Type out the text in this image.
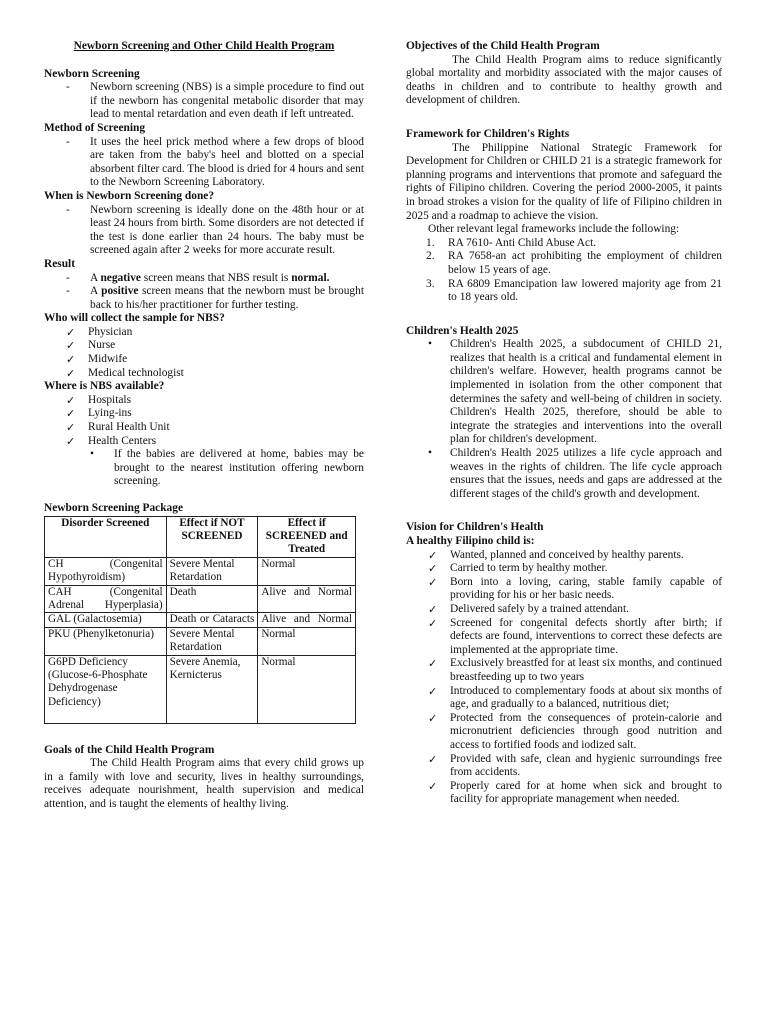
Newborn Screening and Other Child Health Program

Newborn Screening

- Newborn screening (NBS) is a simple procedure to find out if the newborn has congenital metabolic disorder that may lead to mental retardation and even death if left untreated.

Method of Screening

- It uses the heel prick method where a few drops of blood are taken from the baby's heel and blotted on a special absorbent filter card. The blood is dried for 4 hours and sent to the Newborn Screening Laboratory.

When is Newborn Screening done?

- Newborn screening is ideally done on the 48th hour or at least 24 hours from birth. Some disorders are not detected if the test is done earlier than 24 hours. The baby must be screened again after 2 weeks for more accurate result.

Result

- A negative screen means that NBS result is normal.
- A positive screen means that the newborn must be brought back to his/her practitioner for further testing.

Who will collect the sample for NBS?

✓ Physician
✓ Nurse
✓ Midwife
✓ Medical technologist

Where is NBS available?

✓ Hospitals
✓ Lying-ins
✓ Rural Health Unit
✓ Health Centers
• If the babies are delivered at home, babies may be brought to the nearest institution offering newborn screening.

Newborn Screening Package

Disorder Screened	Effect if NOT SCREENED	Effect if SCREENED and Treated
CH (Congenital Hypothyroidism)	Severe Mental Retardation	Normal
CAH (Congenital Adrenal Hyperplasia)	Death	Alive and Normal
GAL (Galactosemia)	Death or Cataracts	Alive and Normal
PKU (Phenylketonuria)	Severe Mental Retardation	Normal
G6PD Deficiency (Glucose-6-Phosphate Dehydrogenase Deficiency)	Severe Anemia, Kernicterus	Normal

Goals of the Child Health Program

The Child Health Program aims that every child grows up in a family with love and security, lives in healthy surroundings, receives adequate nourishment, health supervision and medical attention, and is taught the elements of healthy living.

Objectives of the Child Health Program

The Child Health Program aims to reduce significantly global mortality and morbidity associated with the major causes of deaths in children and to contribute to healthy growth and development of children.

Framework for Children's Rights

The Philippine National Strategic Framework for Development for Children or CHILD 21 is a strategic framework for planning programs and interventions that promote and safeguard the rights of Filipino children. Covering the period 2000-2005, it paints in broad strokes a vision for the quality of life of Filipino children in 2025 and a roadmap to achieve the vision.

Other relevant legal frameworks include the following:

1. RA 7610- Anti Child Abuse Act.
2. RA 7658-an act prohibiting the employment of children below 15 years of age.
3. RA 6809 Emancipation law lowered majority age from 21 to 18 years old.

Children's Health 2025

• Children's Health 2025, a subdocument of CHILD 21, realizes that health is a critical and fundamental element in children's welfare. However, health programs cannot be implemented in isolation from the other component that determines the safety and well-being of children in society. Children's Health 2025, therefore, should be able to integrate the strategies and interventions into the overall plan for children's development.
• Children's Health 2025 utilizes a life cycle approach and weaves in the rights of children. The life cycle approach ensures that the issues, needs and gaps are addressed at the different stages of the child's growth and development.

Vision for Children's Health

A healthy Filipino child is:

✓ Wanted, planned and conceived by healthy parents.
✓ Carried to term by healthy mother.
✓ Born into a loving, caring, stable family capable of providing for his or her basic needs.
✓ Delivered safely by a trained attendant.
✓ Screened for congenital defects shortly after birth; if defects are found, interventions to correct these defects are implemented at the appropriate time.
✓ Exclusively breastfed for at least six months, and continued breastfeeding up to two years
✓ Introduced to complementary foods at about six months of age, and gradually to a balanced, nutritious diet;
✓ Protected from the consequences of protein-calorie and micronutrient deficiencies through good nutrition and access to fortified foods and iodized salt.
✓ Provided with safe, clean and hygienic surroundings free from accidents.
✓ Properly cared for at home when sick and brought to facility for appropriate management when needed.
